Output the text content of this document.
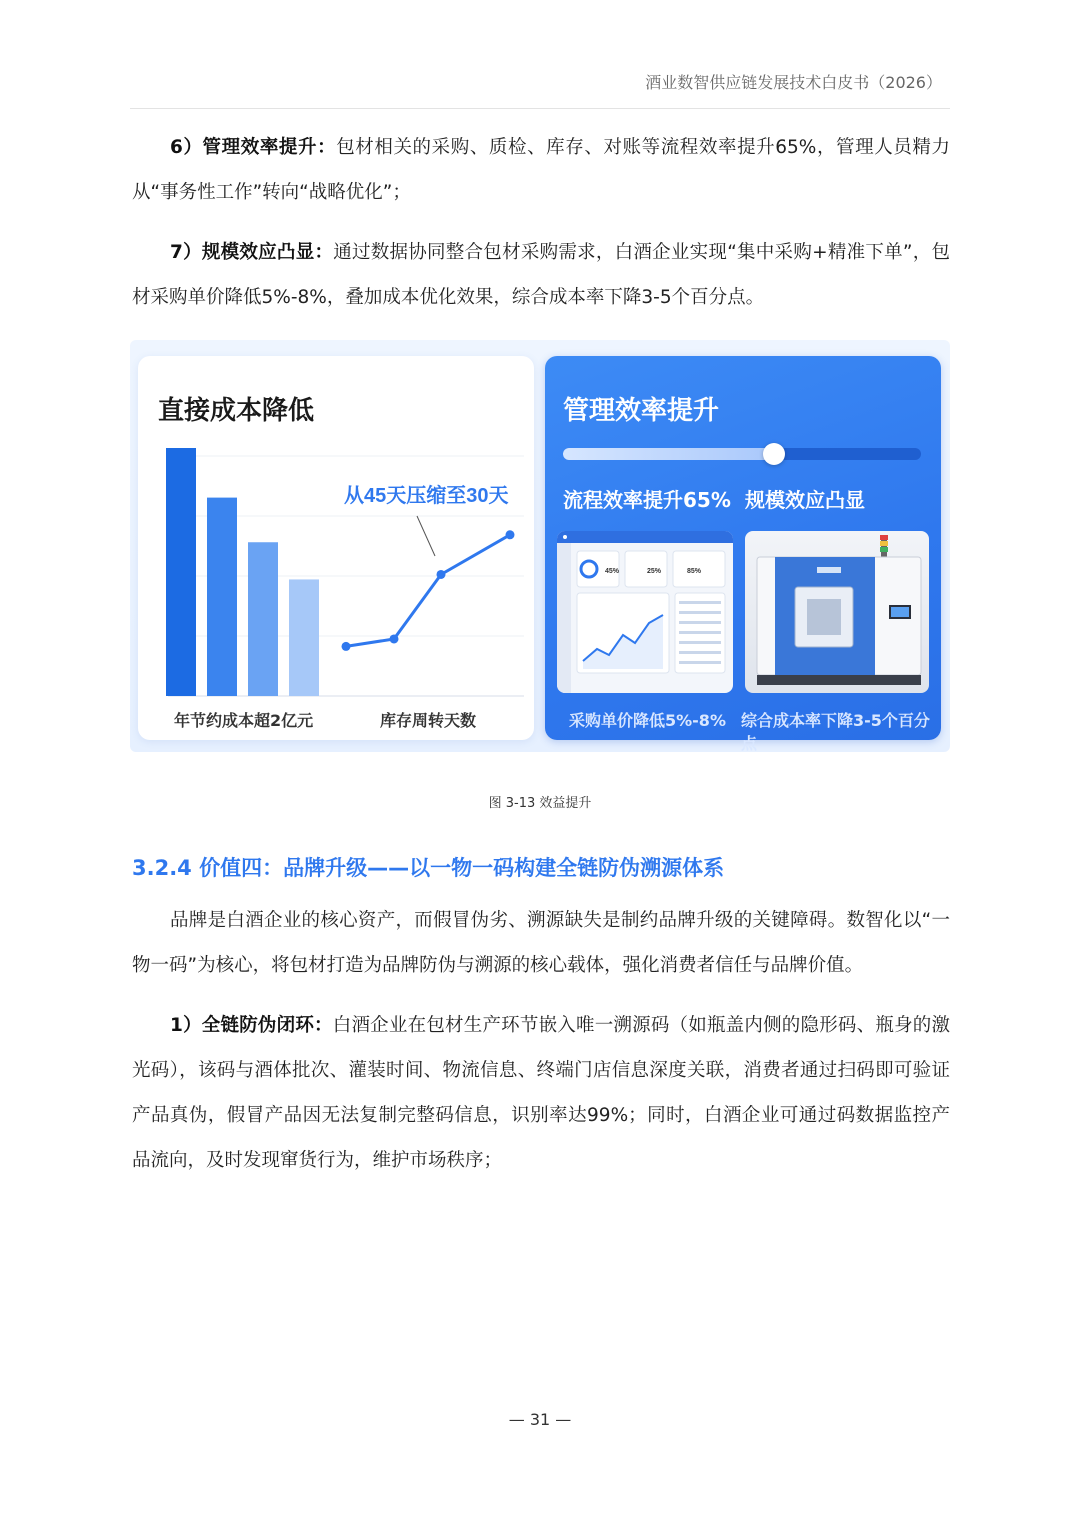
酒业数智供应链发展技术白皮书（2026）
6）管理效率提升：包材相关的采购、质检、库存、对账等流程效率提升65%，管理人员精力从“事务性工作”转向“战略优化”；
7）规模效应凸显：通过数据协同整合包材采购需求，白酒企业实现“集中采购+精准下单”，包材采购单价降低5%-8%，叠加成本优化效果，综合成本率下降3-5个百分点。
直接成本降低
从45天压缩至30天
年节约成本超2亿元	库存周转天数
管理效率提升
流程效率提升65% 规模效应凸显
45%	25%	85%
采购单价降低5%-8% 综合成本率下降3-5个百分点
图 3-13 效益提升
3.2.4 价值四：品牌升级——以一物一码构建全链防伪溯源体系
品牌是白酒企业的核心资产，而假冒伪劣、溯源缺失是制约品牌升级的关键障碍。数智化以“一物一码”为核心，将包材打造为品牌防伪与溯源的核心载体，强化消费者信任与品牌价值。
1）全链防伪闭环：白酒企业在包材生产环节嵌入唯一溯源码（如瓶盖内侧的隐形码、瓶身的激光码），该码与酒体批次、灌装时间、物流信息、终端门店信息深度关联，消费者通过扫码即可验证产品真伪，假冒产品因无法复制完整码信息，识别率达99%；同时，白酒企业可通过码数据监控产品流向，及时发现窜货行为，维护市场秩序；
— 31 —
